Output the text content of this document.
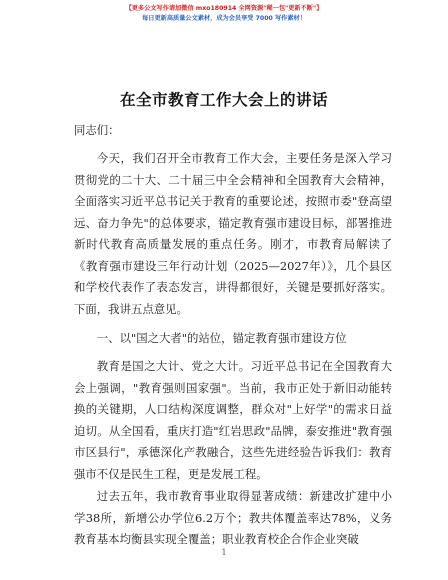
【更多公文写作请加微信 mxo180914 全网资源"稀一包"更新不断"】
每日更新高质量公文素材，成为会员享受 7000 写作素材！
在全市教育工作大会上的讲话
同志们：
今天，我们召开全市教育工作大会，主要任务是深入学习贯彻党的二十大、二十届三中全会精神和全国教育大会精神，全面落实习近平总书记关于教育的重要论述，按照市委"登高望远、奋力争先"的总体要求，锚定教育强市建设目标，部署推进新时代教育高质量发展的重点任务。刚才，市教育局解读了《教育强市建设三年行动计划（2025—2027年）》，几个县区和学校代表作了表态发言，讲得都很好，关键是要抓好落实。下面，我讲五点意见。
一、以"国之大者"的站位，锚定教育强市建设方位
教育是国之大计、党之大计。习近平总书记在全国教育大会上强调，"教育强则国家强"。当前，我市正处于新旧动能转换的关键期，人口结构深度调整，群众对"上好学"的需求日益迫切。从全国看，重庆打造"红岩思政"品牌，泰安推进"教育强市区县行"，承德深化产教融合，这些先进经验告诉我们：教育强市不仅是民生工程，更是发展工程。
过去五年，我市教育事业取得显著成绩：新建改扩建中小学38所，新增公办学位6.2万个；教共体覆盖率达78%，义务教育基本均衡县实现全覆盖；职业教育校企合作企业突破
1
